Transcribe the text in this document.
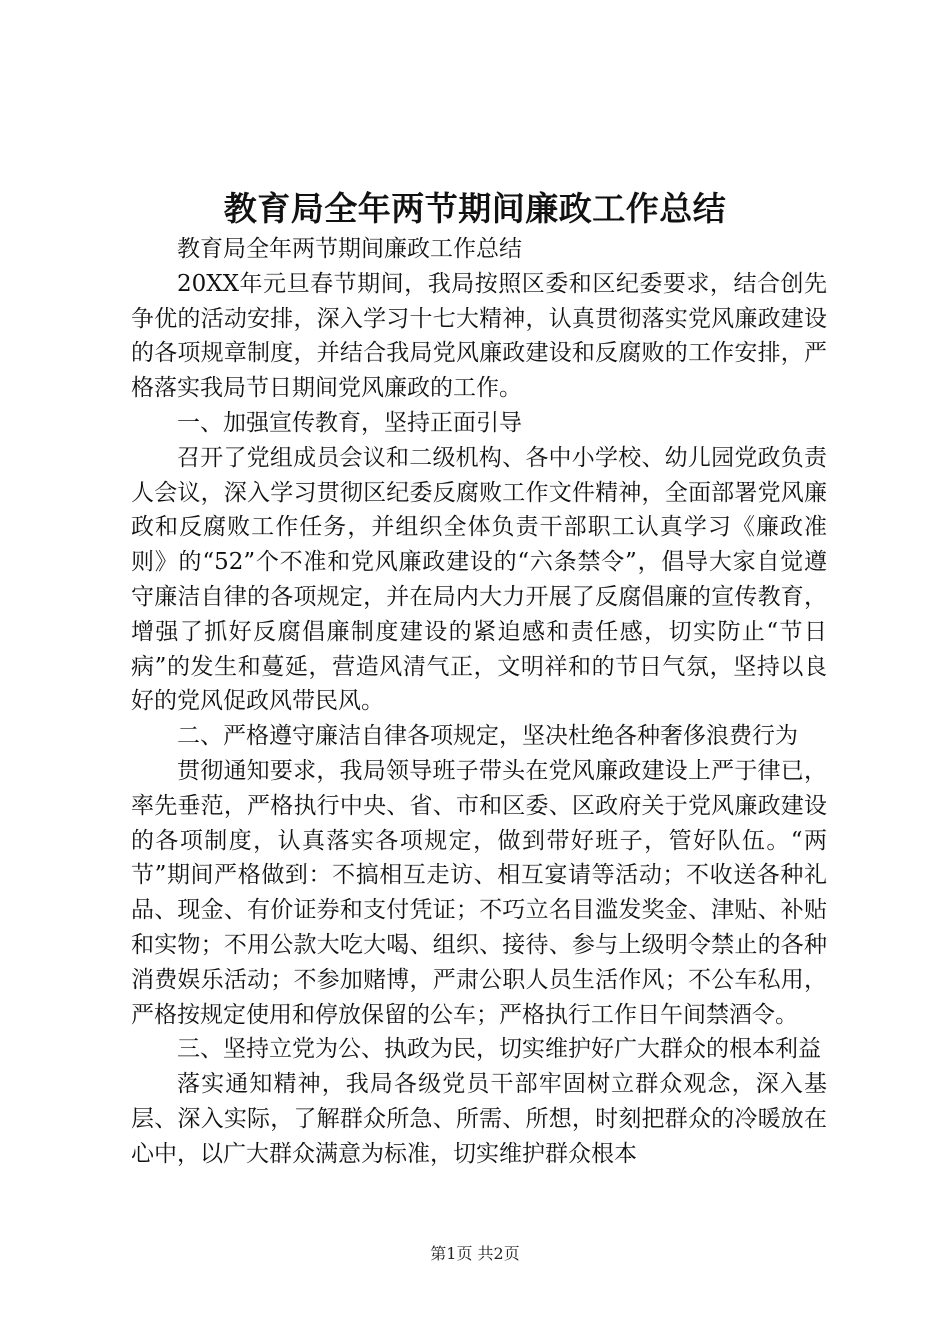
教育局全年两节期间廉政工作总结

教育局全年两节期间廉政工作总结

20XX年元旦春节期间，我局按照区委和区纪委要求，结合创先争优的活动安排，深入学习十七大精神，认真贯彻落实党风廉政建设的各项规章制度，并结合我局党风廉政建设和反腐败的工作安排，严格落实我局节日期间党风廉政的工作。

一、加强宣传教育，坚持正面引导

召开了党组成员会议和二级机构、各中小学校、幼儿园党政负责人会议，深入学习贯彻区纪委反腐败工作文件精神，全面部署党风廉政和反腐败工作任务，并组织全体负责干部职工认真学习《廉政准则》的“52”个不准和党风廉政建设的“六条禁令”，倡导大家自觉遵守廉洁自律的各项规定，并在局内大力开展了反腐倡廉的宣传教育，增强了抓好反腐倡廉制度建设的紧迫感和责任感，切实防止“节日病”的发生和蔓延，营造风清气正，文明祥和的节日气氛，坚持以良好的党风促政风带民风。

二、严格遵守廉洁自律各项规定，坚决杜绝各种奢侈浪费行为

贯彻通知要求，我局领导班子带头在党风廉政建设上严于律已，率先垂范，严格执行中央、省、市和区委、区政府关于党风廉政建设的各项制度，认真落实各项规定，做到带好班子，管好队伍。“两节”期间严格做到：不搞相互走访、相互宴请等活动；不收送各种礼品、现金、有价证券和支付凭证；不巧立名目滥发奖金、津贴、补贴和实物；不用公款大吃大喝、组织、接待、参与上级明令禁止的各种消费娱乐活动；不参加赌博，严肃公职人员生活作风；不公车私用，严格按规定使用和停放保留的公车；严格执行工作日午间禁酒令。

三、坚持立党为公、执政为民，切实维护好广大群众的根本利益

落实通知精神，我局各级党员干部牢固树立群众观念，深入基层、深入实际，了解群众所急、所需、所想，时刻把群众的冷暖放在心中，以广大群众满意为标准，切实维护群众根本

第1页 共2页
